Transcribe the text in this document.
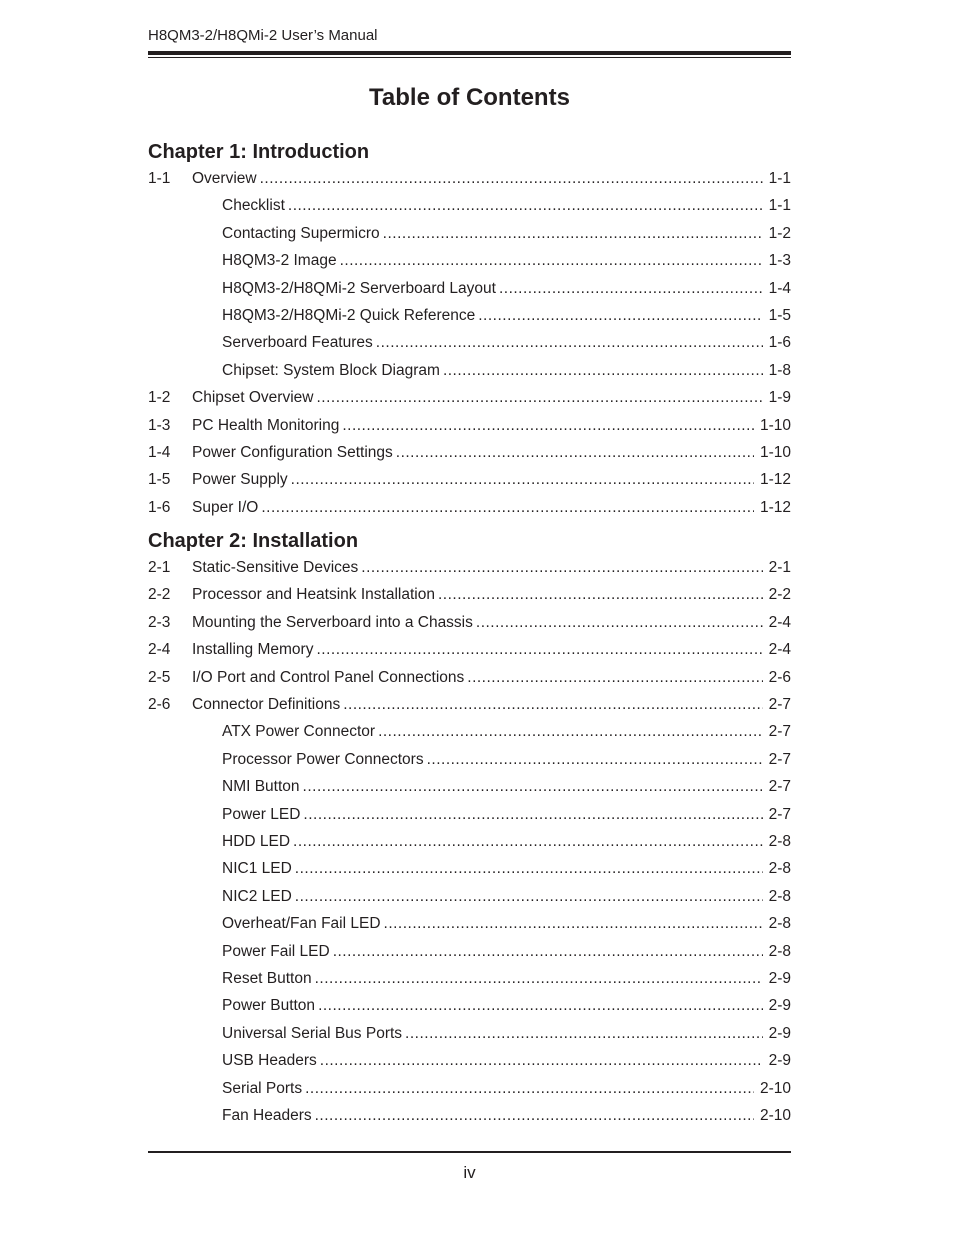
H8QM3-2/H8QMi-2 User’s Manual
Table of Contents
Chapter 1: Introduction
1-1	Overview .....	1-1
Checklist .....	1-1
Contacting Supermicro .....	1-2
H8QM3-2 Image .....	1-3
H8QM3-2/H8QMi-2 Serverboard Layout .....	1-4
H8QM3-2/H8QMi-2 Quick Reference .....	1-5
Serverboard Features .....	1-6
Chipset: System Block Diagram .....	1-8
1-2	Chipset Overview .....	1-9
1-3	PC Health Monitoring .....	1-10
1-4	Power Configuration Settings .....	1-10
1-5	Power Supply .....	1-12
1-6	Super I/O .....	1-12
Chapter 2: Installation
2-1	Static-Sensitive Devices .....	2-1
2-2	Processor and Heatsink Installation .....	2-2
2-3	Mounting the Serverboard into a Chassis .....	2-4
2-4	Installing Memory .....	2-4
2-5	I/O Port and Control Panel Connections .....	2-6
2-6	Connector Definitions .....	2-7
ATX Power Connector .....	2-7
Processor Power Connectors .....	2-7
NMI Button .....	2-7
Power LED .....	2-7
HDD LED .....	2-8
NIC1 LED .....	2-8
NIC2 LED .....	2-8
Overheat/Fan Fail LED .....	2-8
Power Fail LED .....	2-8
Reset Button .....	2-9
Power Button .....	2-9
Universal Serial Bus Ports .....	2-9
USB Headers .....	2-9
Serial Ports .....	2-10
Fan Headers .....	2-10
iv
